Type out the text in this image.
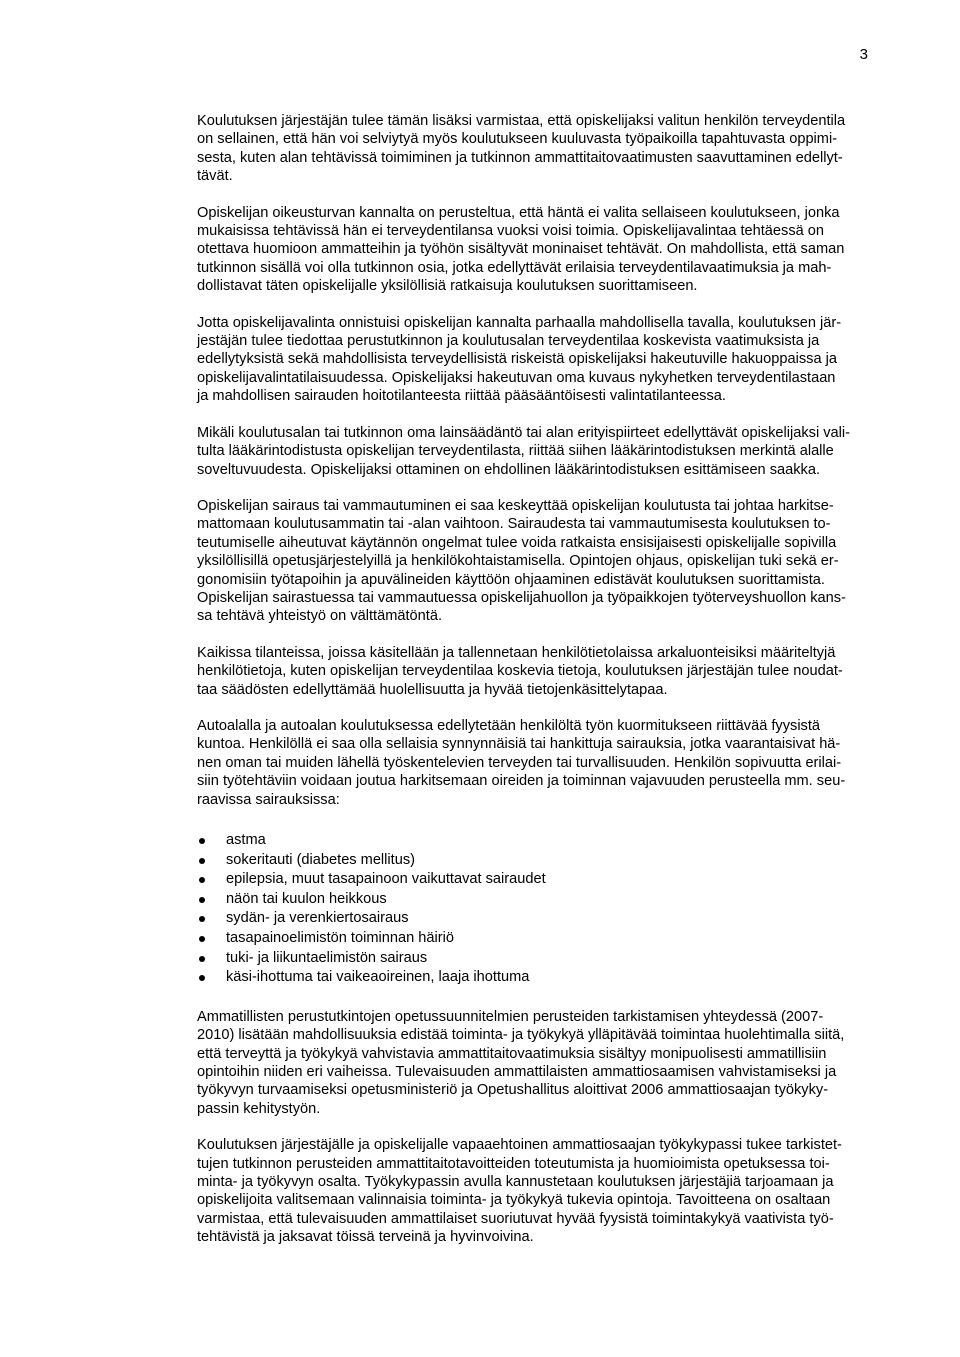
3

Koulutuksen järjestäjän tulee tämän lisäksi varmistaa, että opiskelijaksi valitun henkilön terveydentila
on sellainen, että hän voi selviytyä myös koulutukseen kuuluvasta työpaikoilla tapahtuvasta oppimi-
sesta, kuten alan tehtävissä toimiminen ja tutkinnon ammattitaitovaatimusten saavuttaminen edellyt-
tävät.

Opiskelijan oikeusturvan kannalta on perusteltua, että häntä ei valita sellaiseen koulutukseen, jonka
mukaisissa tehtävissä hän ei terveydentilansa vuoksi voisi toimia. Opiskelijavalintaa tehtäessä on
otettava huomioon ammatteihin ja työhön sisältyvät moninaiset tehtävät. On mahdollista, että saman
tutkinnon sisällä voi olla tutkinnon osia, jotka edellyttävät erilaisia terveydentilavaatimuksia ja mah-
dollistavat täten opiskelijalle yksilöllisiä ratkaisuja koulutuksen suorittamiseen.

Jotta opiskelijavalinta onnistuisi opiskelijan kannalta parhaalla mahdollisella tavalla, koulutuksen jär-
jestäjän tulee tiedottaa perustutkinnon ja koulutusalan terveydentilaa koskevista vaatimuksista ja
edellytyksistä sekä mahdollisista terveydellisistä riskeistä opiskelijaksi hakeutuville hakuoppaissa ja
opiskelijavalintatilaisuudessa. Opiskelijaksi hakeutuvan oma kuvaus nykyhetken terveydentilastaan
ja mahdollisen sairauden hoitotilanteesta riittää pääsääntöisesti valintatilanteessa.

Mikäli koulutusalan tai tutkinnon oma lainsäädäntö tai alan erityispiirteet edellyttävät opiskelijaksi vali-
tulta lääkärintodistusta opiskelijan terveydentilasta, riittää siihen lääkärintodistuksen merkintä alalle
soveltuvuudesta. Opiskelijaksi ottaminen on ehdollinen lääkärintodistuksen esittämiseen saakka.

Opiskelijan sairaus tai vammautuminen ei saa keskeyttää opiskelijan koulutusta tai johtaa harkitse-
mattomaan koulutusammatin tai -alan vaihtoon. Sairaudesta tai vammautumisesta koulutuksen to-
teutumiselle aiheutuvat käytännön ongelmat tulee voida ratkaista ensisijaisesti opiskelijalle sopivilla
yksilöllisillä opetusjärjestelyillä ja henkilökohtaistamisella. Opintojen ohjaus, opiskelijan tuki sekä er-
gonomisiin työtapoihin ja apuvälineiden käyttöön ohjaaminen edistävät koulutuksen suorittamista.
Opiskelijan sairastuessa tai vammautuessa opiskelijahuollon ja työpaikkojen työterveyshuollon kans-
sa tehtävä yhteistyö on välttämätöntä.

Kaikissa tilanteissa, joissa käsitellään ja tallennetaan henkilötietolaissa arkaluonteisiksi määriteltyjä
henkilötietoja, kuten opiskelijan terveydentilaa koskevia tietoja, koulutuksen järjestäjän tulee noudat-
taa säädösten edellyttämää huolellisuutta ja hyvää tietojenkäsittelytapaa.

Autoalalla ja autoalan koulutuksessa edellytetään henkilöltä työn kuormitukseen riittävää fyysistä
kuntoa. Henkilöllä ei saa olla sellaisia synnynnäisiä tai hankittuja sairauksia, jotka vaarantaisivat hä-
nen oman tai muiden lähellä työskentelevien terveyden tai turvallisuuden. Henkilön sopivuutta erilai-
siin työtehtäviin voidaan joutua harkitsemaan oireiden ja toiminnan vajavuuden perusteella mm. seu-
raavissa sairauksissa:

astma
sokeritauti (diabetes mellitus)
epilepsia, muut tasapainoon vaikuttavat sairaudet
näön tai kuulon heikkous
sydän- ja verenkiertosairaus
tasapainoelimistön toiminnan häiriö
tuki- ja liikuntaelimistön sairaus
käsi-ihottuma tai vaikeaoireinen, laaja ihottuma

Ammatillisten perustutkintojen opetussuunnitelmien perusteiden tarkistamisen yhteydessä (2007-
2010) lisätään mahdollisuuksia edistää toiminta- ja työkykyä ylläpitävää toimintaa huolehtimalla siitä,
että terveyttä ja työkykyä vahvistavia ammattitaitovaatimuksia sisältyy monipuolisesti ammatillisiin
opintoihin niiden eri vaiheissa. Tulevaisuuden ammattilaisten ammattiosaamisen vahvistamiseksi ja
työkyvyn turvaamiseksi opetusministeriö ja Opetushallitus aloittivat 2006 ammattiosaajan työkyky-
passin kehitystyön.

Koulutuksen järjestäjälle ja opiskelijalle vapaaehtoinen ammattiosaajan työkykypassi tukee tarkistet-
tujen tutkinnon perusteiden ammattitaitotavoitteiden toteutumista ja huomioimista opetuksessa toi-
minta- ja työkyvyn osalta. Työkykypassin avulla kannustetaan koulutuksen järjestäjiä tarjoamaan ja
opiskelijoita valitsemaan valinnaisia toiminta- ja työkykyä tukevia opintoja. Tavoitteena on osaltaan
varmistaa, että tulevaisuuden ammattilaiset suoriutuvat hyvää fyysistä toimintakykyä vaativista työ-
tehtävistä ja jaksavat töissä terveinä ja hyvinvoivina.
